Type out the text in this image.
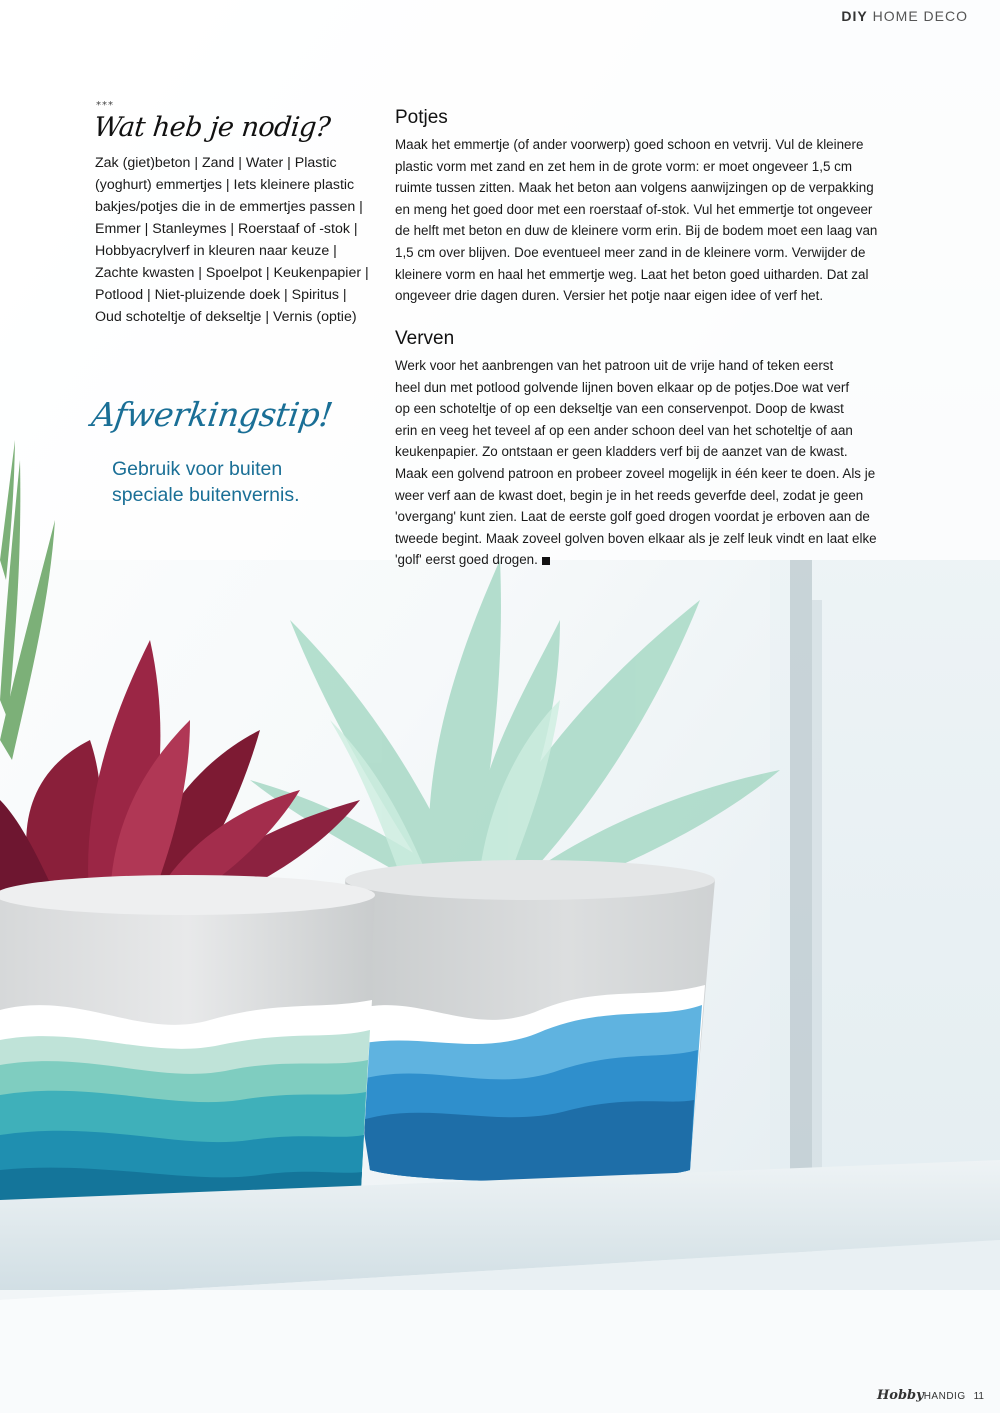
DIY HOME DECO
***
Wat heb je nodig?
Zak (giet)beton | Zand | Water | Plastic
(yoghurt) emmertjes | Iets kleinere plastic
bakjes/potjes die in de emmertjes passen |
Emmer | Stanleymes | Roerstaaf of -stok |
Hobbyacrylverf in kleuren naar keuze |
Zachte kwasten | Spoelpot | Keukenpapier |
Potlood | Niet-pluizende doek | Spiritus |
Oud schoteltje of dekseltje | Vernis (optie)
Afwerkingstip!
Gebruik voor buiten
speciale buitenvernis.
Potjes
Maak het emmertje (of ander voorwerp) goed schoon en vetvrij. Vul de kleinere
plastic vorm met zand en zet hem in de grote vorm: er moet ongeveer 1,5 cm
ruimte tussen zitten. Maak het beton aan volgens aanwijzingen op de verpakking
en meng het goed door met een roerstaaf of-stok. Vul het emmertje tot ongeveer
de helft met beton en duw de kleinere vorm erin. Bij de bodem moet een laag van
1,5 cm over blijven. Doe eventueel meer zand in de kleinere vorm. Verwijder de
kleinere vorm en haal het emmertje weg. Laat het beton goed uitharden. Dat zal
ongeveer drie dagen duren. Versier het potje naar eigen idee of verf het.
Verven
Werk voor het aanbrengen van het patroon uit de vrije hand of teken eerst
heel dun met potlood golvende lijnen boven elkaar op de potjes.Doe wat verf
op een schoteltje of op een dekseltje van een conservenpot. Doop de kwast
erin en veeg het teveel af op een ander schoon deel van het schoteltje of aan
keukenpapier. Zo ontstaan er geen kladders verf bij de aanzet van de kwast.
Maak een golvend patroon en probeer zoveel mogelijk in één keer te doen. Als je
weer verf aan de kwast doet, begin je in het reeds geverfde deel, zodat je geen
'overgang' kunt zien. Laat de eerste golf goed drogen voordat je erboven aan de
tweede begint. Maak zoveel golven boven elkaar als je zelf leuk vindt en laat elke
'golf' eerst goed drogen.
HobbyHANDIG 11
